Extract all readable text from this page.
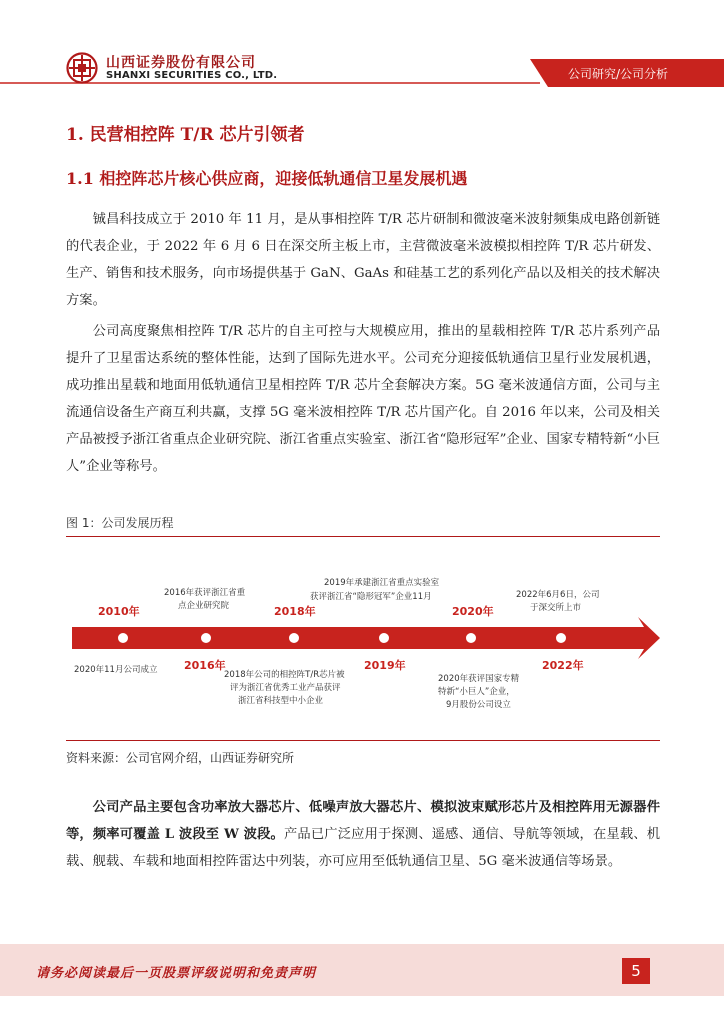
山西证券股份有限公司
SHANXI SECURITIES CO., LTD.	公司研究/公司分析
1. 民营相控阵 T/R 芯片引领者
1.1 相控阵芯片核心供应商，迎接低轨通信卫星发展机遇

铖昌科技成立于 2010 年 11 月，是从事相控阵 T/R 芯片研制和微波毫米波射频集成电路创新链的代表企业，于 2022 年 6 月 6 日在深交所主板上市，主营微波毫米波模拟相控阵 T/R 芯片研发、生产、销售和技术服务，向市场提供基于 GaN、GaAs 和硅基工艺的系列化产品以及相关的技术解决方案。

公司高度聚焦相控阵 T/R 芯片的自主可控与大规模应用，推出的星载相控阵 T/R 芯片系列产品提升了卫星雷达系统的整体性能，达到了国际先进水平。公司充分迎接低轨通信卫星行业发展机遇，成功推出星载和地面用低轨通信卫星相控阵 T/R 芯片全套解决方案。5G 毫米波通信方面，公司与主流通信设备生产商互利共赢，支撑 5G 毫米波相控阵 T/R 芯片国产化。自 2016 年以来，公司及相关产品被授予浙江省重点企业研究院、浙江省重点实验室、浙江省“隐形冠军”企业、国家专精特新“小巨人”企业等称号。

图 1：公司发展历程
2010年	2018年	2020年
2016年	2019年	2022年
2016年获评浙江省重
点企业研究院
2019年承建浙江省重点实验室
获评浙江省“隐形冠军”企业11月	2022年6月6日，公司
于深交所上市
2020年11月公司成立	2018年公司的相控阵T/R芯片被
评为浙江省优秀工业产品获评
浙江省科技型中小企业
2020年获评国家专精
特新“小巨人”企业，
9月股份公司设立
资料来源：公司官网介绍，山西证券研究所

公司产品主要包含功率放大器芯片、低噪声放大器芯片、模拟波束赋形芯片及相控阵用无源器件等，频率可覆盖 L 波段至 W 波段。产品已广泛应用于探测、遥感、通信、导航等领域，在星载、机载、舰载、车载和地面相控阵雷达中列装，亦可应用至低轨通信卫星、5G 毫米波通信等场景。

请务必阅读最后一页股票评级说明和免责声明	5
